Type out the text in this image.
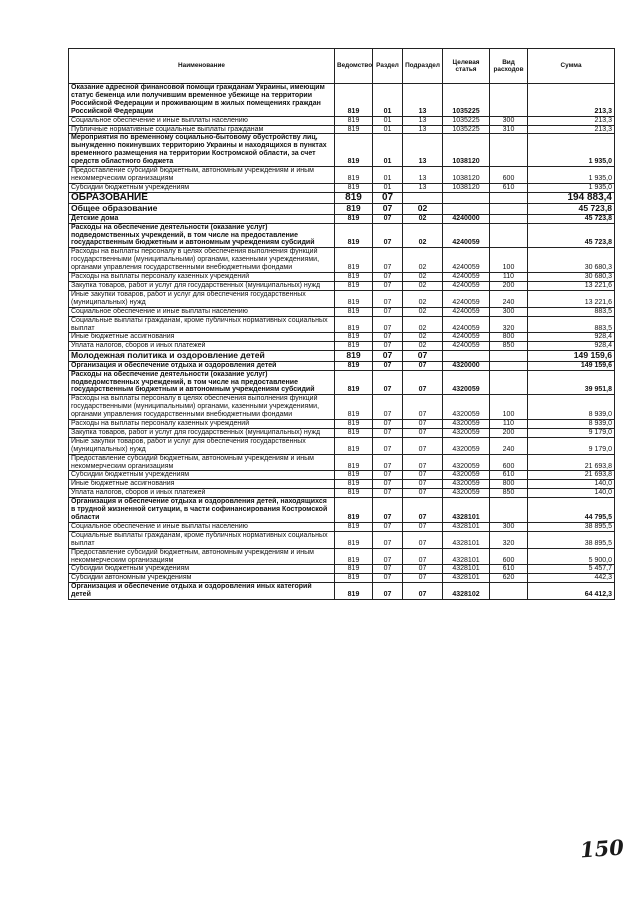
Наименование	Ведомство	Раздел	Подраздел	Целевая статья	Вид расходов	Сумма
Оказание адресной финансовой помощи гражданам Украины, имеющим статус беженца или получившим временное убежище на территории Российской Федерации и проживающим в жилых помещениях граждан Российской Федерации	819	01	13	1035225		213,3
Социальное обеспечение и иные выплаты населению	819	01	13	1035225	300	213,3
Публичные нормативные социальные выплаты гражданам	819	01	13	1035225	310	213,3
Мероприятия по временному социально-бытовому обустройству лиц, вынужденно покинувших территорию Украины и находящихся в пунктах временного размещения на территории Костромской области, за счет средств областного бюджета	819	01	13	1038120		1 935,0
Предоставление субсидий бюджетным, автономным учреждениям и иным некоммерческим организациям	819	01	13	1038120	600	1 935,0
Субсидии бюджетным учреждениям	819	01	13	1038120	610	1 935,0
ОБРАЗОВАНИЕ	819	07				194 883,4
Общее образование	819	07	02			45 723,8
Детские дома	819	07	02	4240000		45 723,8
Расходы на обеспечение деятельности (оказание услуг) подведомственных учреждений, в том числе на предоставление государственным бюджетным и автономным учреждениям субсидий	819	07	02	4240059		45 723,8
Расходы на выплаты персоналу в целях обеспечения выполнения функций государственными (муниципальными) органами, казенными учреждениями, органами управления государственными внебюджетными фондами	819	07	02	4240059	100	30 680,3
Расходы на выплаты персоналу казенных учреждений	819	07	02	4240059	110	30 680,3
Закупка товаров, работ и услуг для государственных (муниципальных) нужд	819	07	02	4240059	200	13 221,6
Иные закупки товаров, работ и услуг для обеспечения государственных (муниципальных) нужд	819	07	02	4240059	240	13 221,6
Социальное обеспечение и иные выплаты населению	819	07	02	4240059	300	883,5
Социальные выплаты гражданам, кроме публичных нормативных социальных выплат	819	07	02	4240059	320	883,5
Иные бюджетные ассигнования	819	07	02	4240059	800	928,4
Уплата налогов, сборов и иных платежей	819	07	02	4240059	850	928,4
Молодежная политика и оздоровление детей	819	07	07			149 159,6
Организация и обеспечение отдыха и оздоровления детей	819	07	07	4320000		149 159,6
Расходы на обеспечение деятельности (оказание услуг) подведомственных учреждений, в том числе на предоставление государственным бюджетным и автономным учреждениям субсидий	819	07	07	4320059		39 951,8
Расходы на выплаты персоналу в целях обеспечения выполнения функций государственными (муниципальными) органами, казенными учреждениями, органами управления государственными внебюджетными фондами	819	07	07	4320059	100	8 939,0
Расходы на выплаты персоналу казенных учреждений	819	07	07	4320059	110	8 939,0
Закупка товаров, работ и услуг для государственных (муниципальных) нужд	819	07	07	4320059	200	9 179,0
Иные закупки товаров, работ и услуг для обеспечения государственных (муниципальных) нужд	819	07	07	4320059	240	9 179,0
Предоставление субсидий бюджетным, автономным учреждениям и иным некоммерческим организациям	819	07	07	4320059	600	21 693,8
Субсидии бюджетным учреждениям	819	07	07	4320059	610	21 693,8
Иные бюджетные ассигнования	819	07	07	4320059	800	140,0
Уплата налогов, сборов и иных платежей	819	07	07	4320059	850	140,0
Организация и обеспечение отдыха и оздоровления детей, находящихся в трудной жизненной ситуации, в части софинансирования Костромской области	819	07	07	4328101		44 795,5
Социальное обеспечение и иные выплаты населению	819	07	07	4328101	300	38 895,5
Социальные выплаты гражданам, кроме публичных нормативных социальных выплат	819	07	07	4328101	320	38 895,5
Предоставление субсидий бюджетным, автономным учреждениям и иным некоммерческим организациям	819	07	07	4328101	600	5 900,0
Субсидии бюджетным учреждениям	819	07	07	4328101	610	5 457,7
Субсидии автономным учреждениям	819	07	07	4328101	620	442,3
Организация и обеспечение отдыха и оздоровления иных категорий детей	819	07	07	4328102		64 412,3
150
